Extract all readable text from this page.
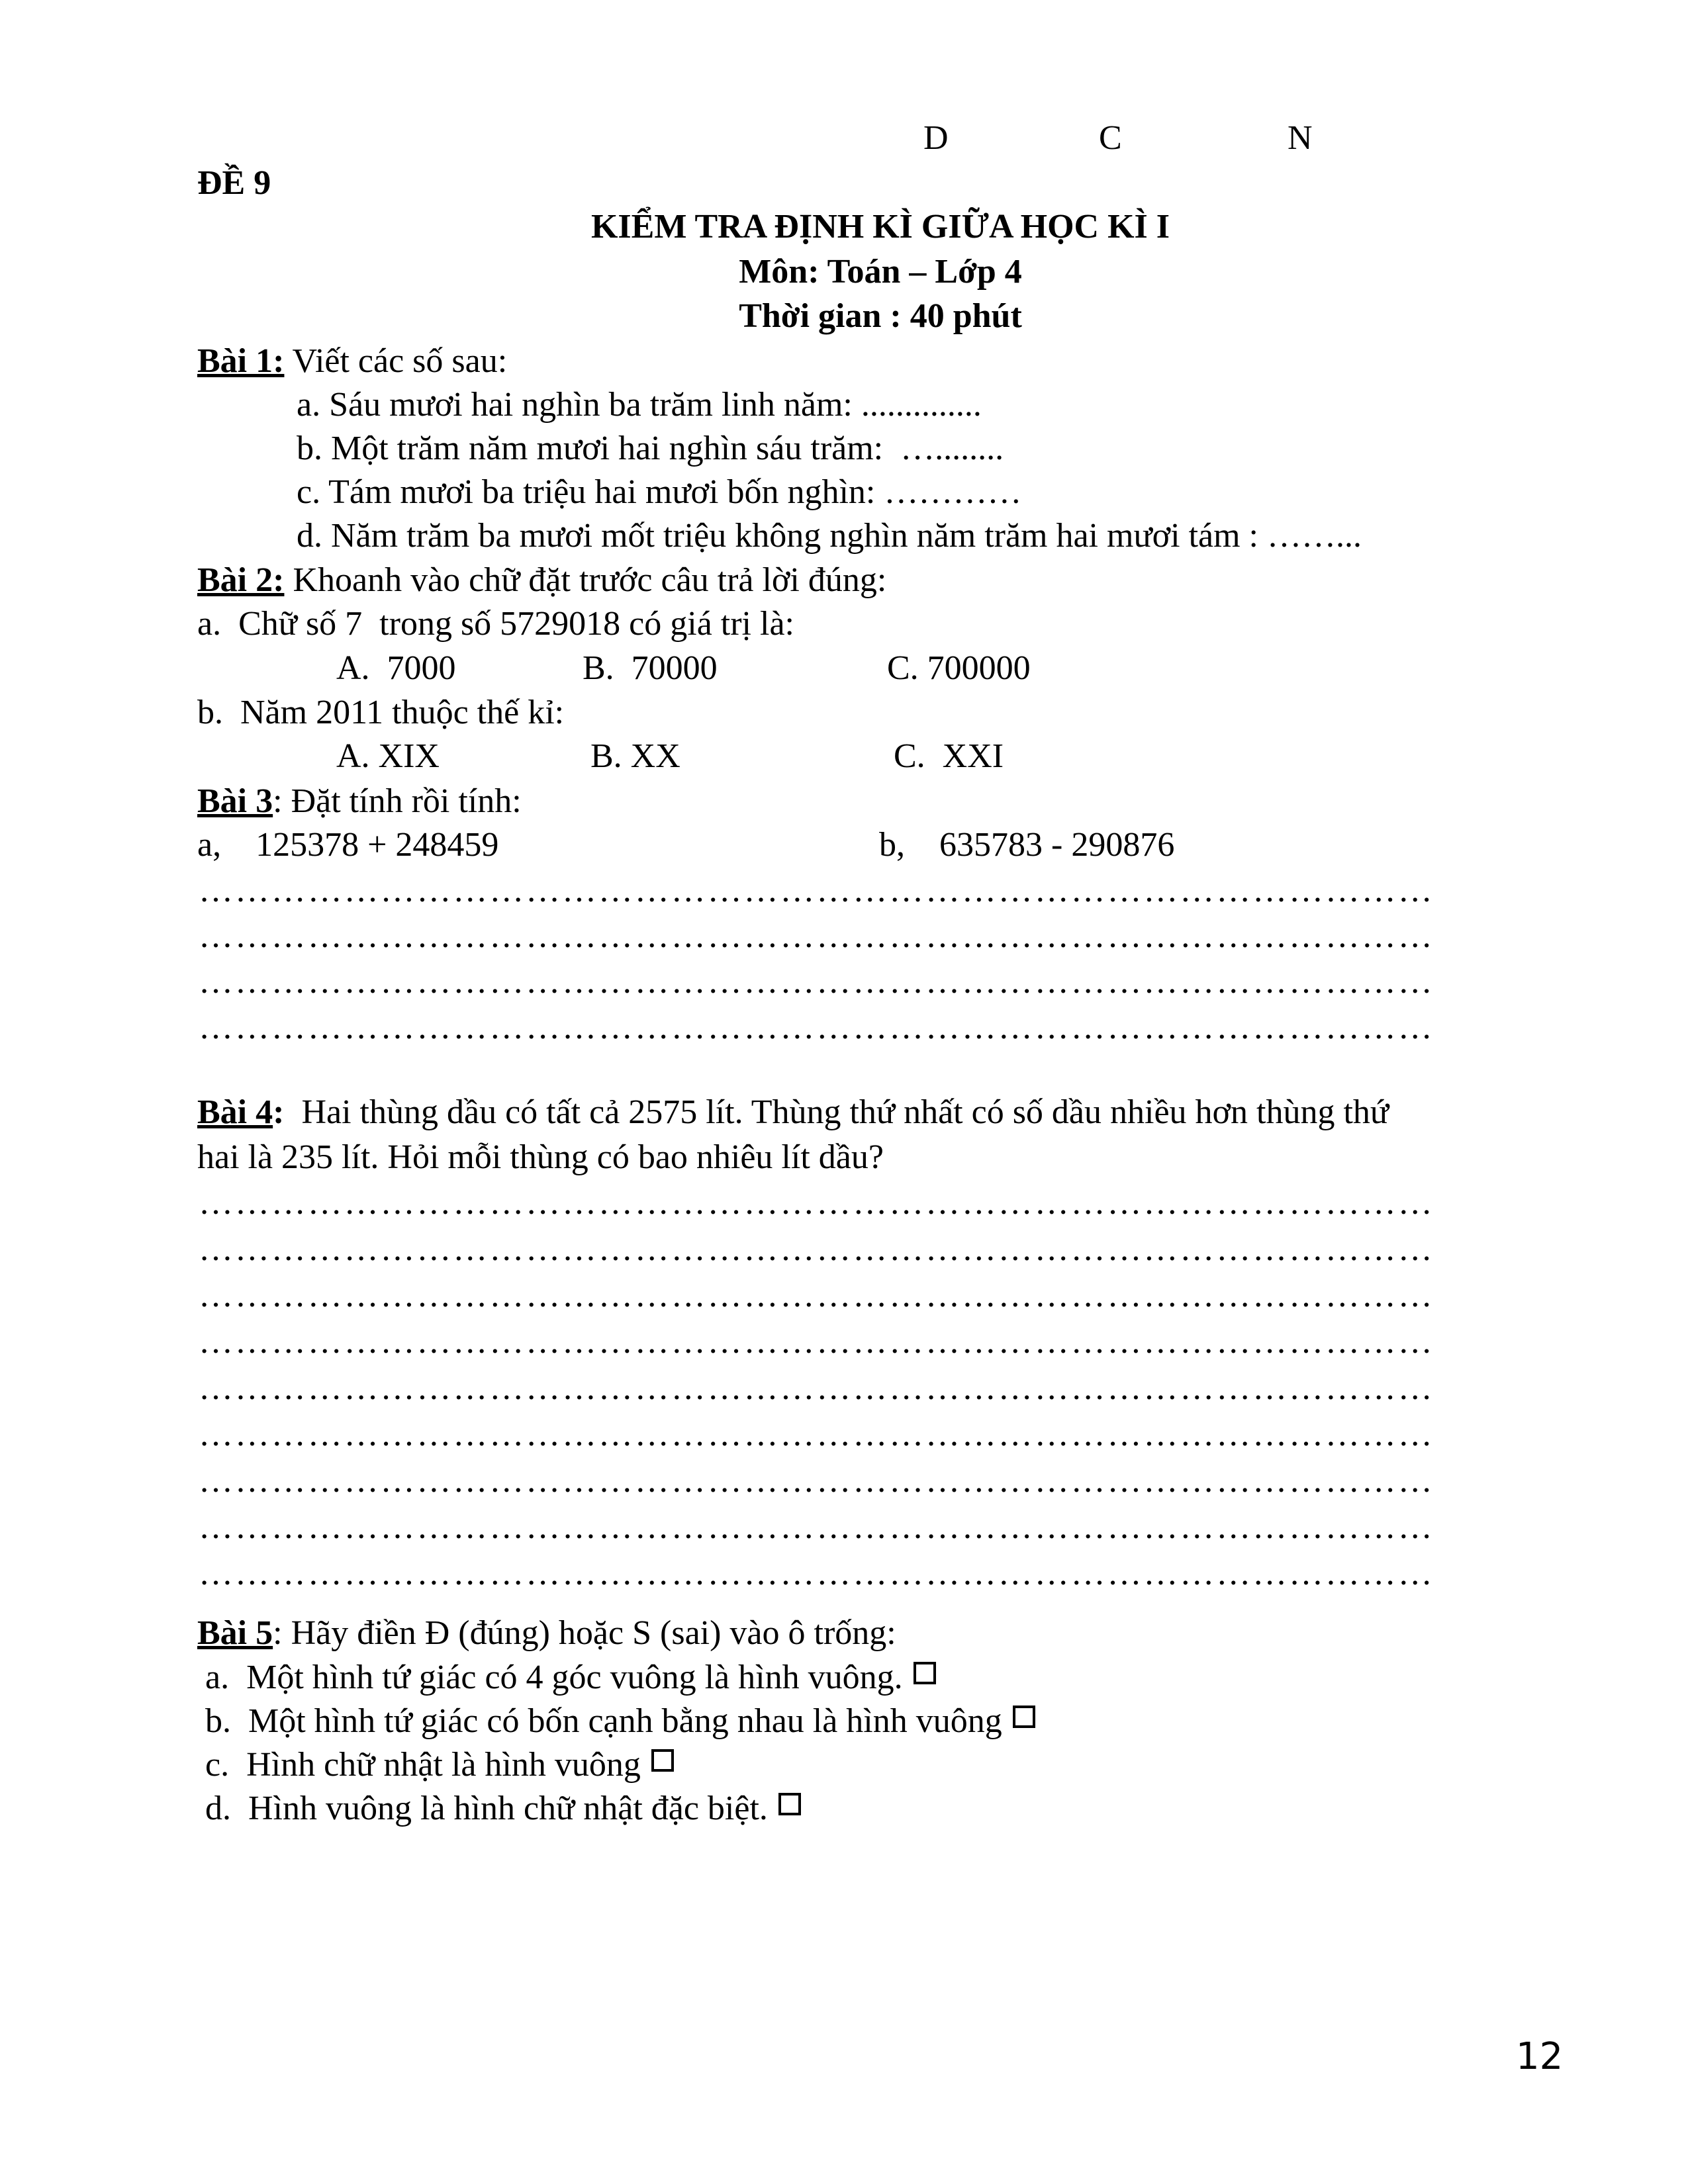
D	C	N
ĐỀ 9
KIỂM TRA ĐỊNH KÌ GIỮA HỌC KÌ I
Môn: Toán – Lớp 4
Thời gian : 40 phút
Bài 1: Viết các số sau:
a. Sáu mươi hai nghìn ba trăm linh năm: ..............
b. Một trăm năm mươi hai nghìn sáu trăm:  …........
c. Tám mươi ba triệu hai mươi bốn nghìn: …………
d. Năm trăm ba mươi mốt triệu không nghìn năm trăm hai mươi tám : ……...
Bài 2: Khoanh vào chữ đặt trước câu trả lời đúng:
a.  Chữ số 7  trong số 5729018 có giá trị là:
A.  7000	B.  70000	C. 700000
b.  Năm 2011 thuộc thế kỉ:
A. XIX	B. XX	C.  XXI
Bài 3: Đặt tính rồi tính:
a,    125378 + 248459	b,    635783 - 290876
…………………………………………………………………………………………
…………………………………………………………………………………………
…………………………………………………………………………………………
…………………………………………………………………………………………
Bài 4:  Hai thùng dầu có tất cả 2575 lít. Thùng thứ nhất có số dầu nhiều hơn thùng thứ
hai là 235 lít. Hỏi mỗi thùng có bao nhiêu lít dầu?
…………………………………………………………………………………………
…………………………………………………………………………………………
…………………………………………………………………………………………
…………………………………………………………………………………………
…………………………………………………………………………………………
…………………………………………………………………………………………
…………………………………………………………………………………………
…………………………………………………………………………………………
…………………………………………………………………………………………
Bài 5: Hãy điền Đ (đúng) hoặc S (sai) vào ô trống:
a.  Một hình tứ giác có 4 góc vuông là hình vuông.
b.  Một hình tứ giác có bốn cạnh bằng nhau là hình vuông
c.  Hình chữ nhật là hình vuông
d.  Hình vuông là hình chữ nhật đặc biệt.
12
